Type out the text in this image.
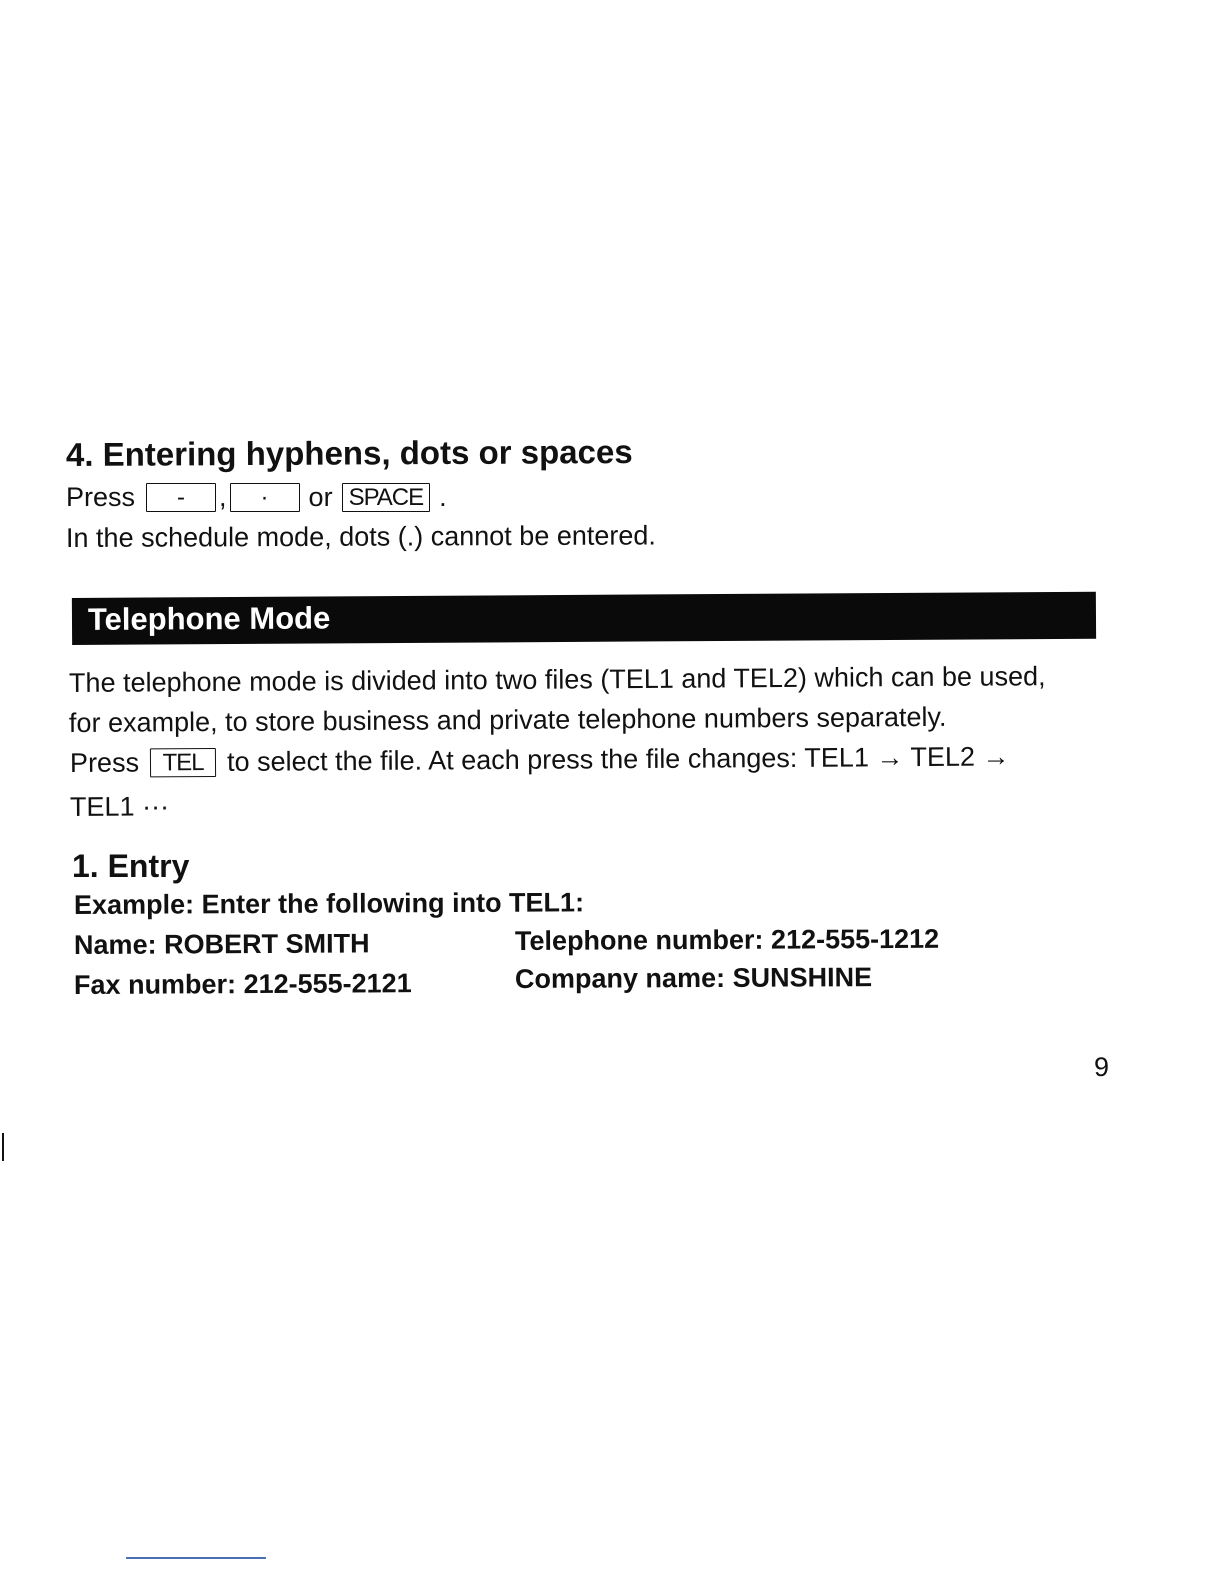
4. Entering hyphens, dots or spaces
Press	-	,	·	or SPACE .
In the schedule mode, dots (.) cannot be entered.
Telephone Mode
The telephone mode is divided into two files (TEL1 and TEL2) which can be used,
for example, to store business and private telephone numbers separately.
Press TEL to select the file. At each press the file changes: TEL1 → TEL2 →
TEL1 ···
1. Entry
Example: Enter the following into TEL1:
Name: ROBERT SMITH	Telephone number: 212-555-1212
Fax number: 212-555-2121	Company name: SUNSHINE
9
